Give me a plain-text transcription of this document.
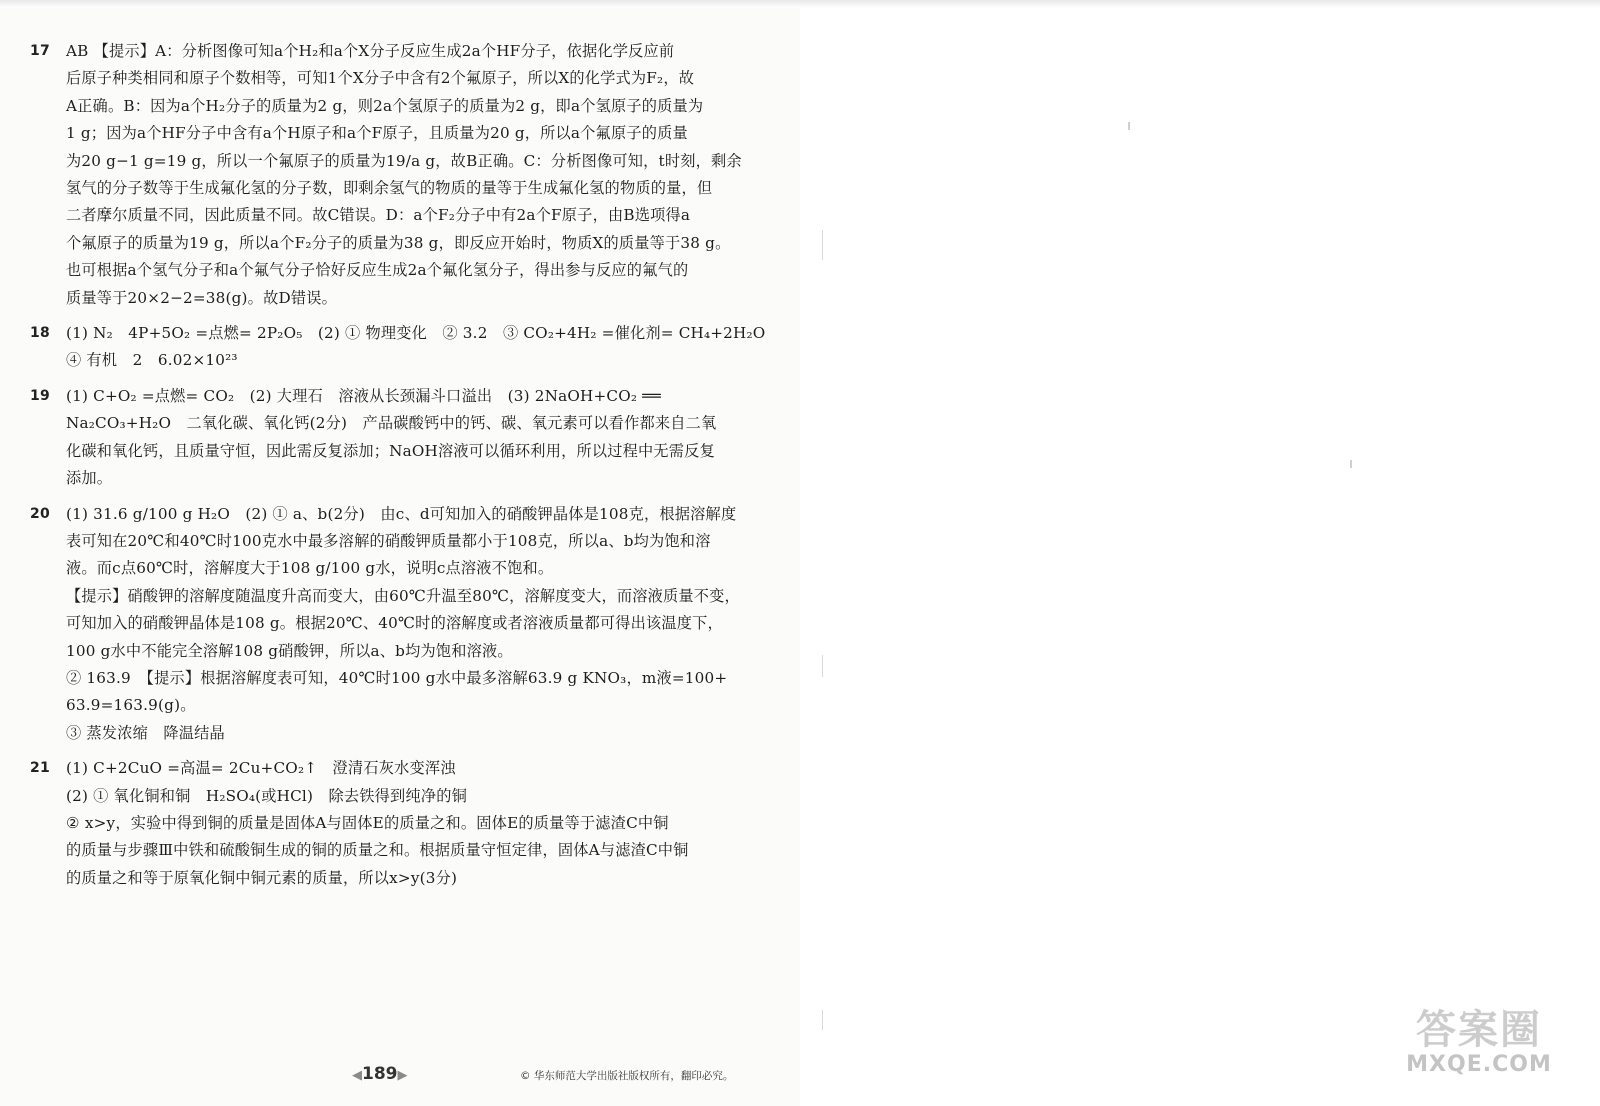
17	AB 【提示】A：分析图像可知a个H₂和a个X分子反应生成2a个HF分子，依据化学反应前
后原子种类相同和原子个数相等，可知1个X分子中含有2个氟原子，所以X的化学式为F₂，故
A正确。B：因为a个H₂分子的质量为2 g，则2a个氢原子的质量为2 g，即a个氢原子的质量为
1 g；因为a个HF分子中含有a个H原子和a个F原子，且质量为20 g，所以a个氟原子的质量
为20 g−1 g=19 g，所以一个氟原子的质量为19/a g，故B正确。C：分析图像可知，t时刻，剩余
氢气的分子数等于生成氟化氢的分子数，即剩余氢气的物质的量等于生成氟化氢的物质的量，但
二者摩尔质量不同，因此质量不同。故C错误。D：a个F₂分子中有2a个F原子，由B选项得a
个氟原子的质量为19 g，所以a个F₂分子的质量为38 g，即反应开始时，物质X的质量等于38 g。
也可根据a个氢气分子和a个氟气分子恰好反应生成2a个氟化氢分子，得出参与反应的氟气的
质量等于20×2−2=38(g)。故D错误。
18	(1) N₂　4P+5O₂ =点燃= 2P₂O₅　(2) ① 物理变化　② 3.2　③ CO₂+4H₂ =催化剂= CH₄+2H₂O
④ 有机　2　6.02×10²³
19	(1) C+O₂ =点燃= CO₂　(2) 大理石　溶液从长颈漏斗口溢出　(3) 2NaOH+CO₂ ══
Na₂CO₃+H₂O　二氧化碳、氧化钙(2分)　产品碳酸钙中的钙、碳、氧元素可以看作都来自二氧
化碳和氧化钙，且质量守恒，因此需反复添加；NaOH溶液可以循环利用，所以过程中无需反复
添加。
20	(1) 31.6 g/100 g H₂O　(2) ① a、b(2分)　由c、d可知加入的硝酸钾晶体是108克，根据溶解度
表可知在20℃和40℃时100克水中最多溶解的硝酸钾质量都小于108克，所以a、b均为饱和溶
液。而c点60℃时，溶解度大于108 g/100 g水，说明c点溶液不饱和。
【提示】硝酸钾的溶解度随温度升高而变大，由60℃升温至80℃，溶解度变大，而溶液质量不变，
可知加入的硝酸钾晶体是108 g。根据20℃、40℃时的溶解度或者溶液质量都可得出该温度下，
100 g水中不能完全溶解108 g硝酸钾，所以a、b均为饱和溶液。
② 163.9　【提示】根据溶解度表可知，40℃时100 g水中最多溶解63.9 g KNO₃，m液=100+
63.9=163.9(g)。
③ 蒸发浓缩　降温结晶
21	(1) C+2CuO =高温= 2Cu+CO₂↑　澄清石灰水变浑浊
(2) ① 氧化铜和铜　H₂SO₄(或HCl)　除去铁得到纯净的铜
② x>y，实验中得到铜的质量是固体A与固体E的质量之和。固体E的质量等于滤渣C中铜
的质量与步骤Ⅲ中铁和硫酸铜生成的铜的质量之和。根据质量守恒定律，固体A与滤渣C中铜
的质量之和等于原氧化铜中铜元素的质量，所以x>y(3分)
◀189▶	© 华东师范大学出版社版权所有，翻印必究。
答案圈
MXQE.COM
